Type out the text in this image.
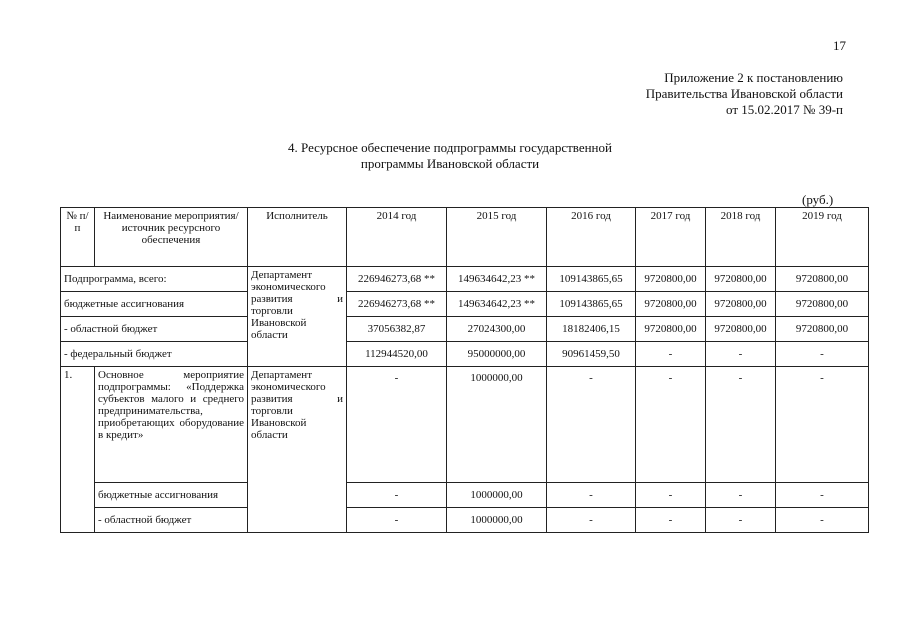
17
Приложение 2 к постановлению
Правительства Ивановской области
от 15.02.2017 № 39-п
4. Ресурсное обеспечение подпрограммы государственной
программы Ивановской области
(руб.)
№ п/п	Наименование мероприятия/источник ресурсного обеспечения	Исполнитель	2014 год	2015 год	2016 год	2017 год	2018 год	2019 год
Подпрограмма, всего:		Департамент экономического развития и торговли Ивановской области	226946273,68 **	149634642,23 **	109143865,65	9720800,00	9720800,00	9720800,00
бюджетные ассигнования			226946273,68 **	149634642,23 **	109143865,65	9720800,00	9720800,00	9720800,00
- областной бюджет			37056382,87	27024300,00	18182406,15	9720800,00	9720800,00	9720800,00
- федеральный бюджет			112944520,00	95000000,00	90961459,50	-	-	-
1.	Основное мероприятие подпрограммы: «Поддержка субъектов малого и среднего предпринимательства, приобретающих оборудование в кредит»	Департамент экономического развития и торговли Ивановской области	-	1000000,00	-	-	-	-
	бюджетные ассигнования		-	1000000,00	-	-	-	-
	- областной бюджет		-	1000000,00	-	-	-	-
